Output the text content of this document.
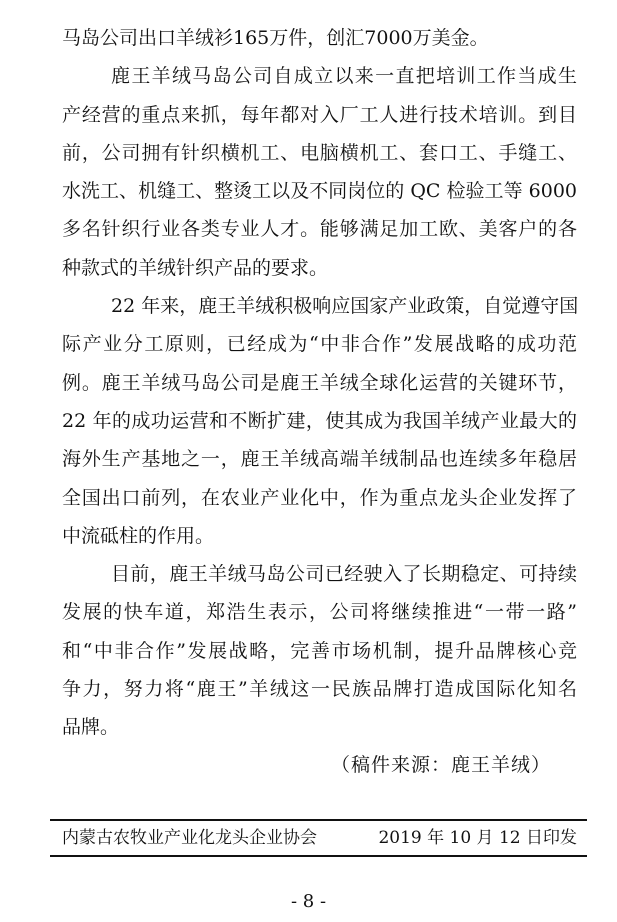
马岛公司出口羊绒衫165万件，创汇7000万美金。
鹿王羊绒马岛公司自成立以来一直把培训工作当成生
产经营的重点来抓，每年都对入厂工人进行技术培训。到目
前，公司拥有针织横机工、电脑横机工、套口工、手缝工、
水洗工、机缝工、整烫工以及不同岗位的 QC 检验工等 6000
多名针织行业各类专业人才。能够满足加工欧、美客户的各
种款式的羊绒针织产品的要求。
22 年来，鹿王羊绒积极响应国家产业政策，自觉遵守国
际产业分工原则，已经成为“中非合作”发展战略的成功范
例。鹿王羊绒马岛公司是鹿王羊绒全球化运营的关键环节，
22 年的成功运营和不断扩建，使其成为我国羊绒产业最大的
海外生产基地之一，鹿王羊绒高端羊绒制品也连续多年稳居
全国出口前列，在农业产业化中，作为重点龙头企业发挥了
中流砥柱的作用。
目前，鹿王羊绒马岛公司已经驶入了长期稳定、可持续
发展的快车道，郑浩生表示，公司将继续推进“一带一路”
和“中非合作”发展战略，完善市场机制，提升品牌核心竞
争力，努力将“鹿王”羊绒这一民族品牌打造成国际化知名
品牌。
（稿件来源：鹿王羊绒）
内蒙古农牧业产业化龙头企业协会	2019 年 10 月 12 日印发
- 8 -
